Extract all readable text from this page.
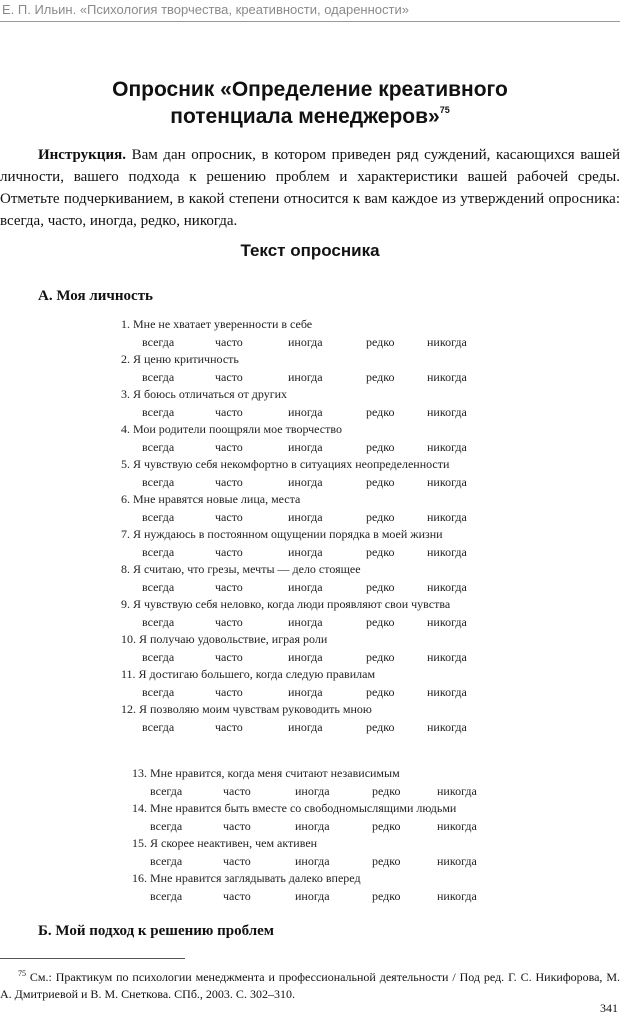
Е. П. Ильин. «Психология творчества, креативности, одаренности»
Опросник «Определение креативного
потенциала менеджеров»$^{75}$

Инструкция. Вам дан опросник, в котором приведен ряд суждений, касающихся вашей личности, вашего подхода к решению проблем и характеристики вашей рабочей среды. Отметьте подчеркиванием, в какой степени относится к вам каждое из утверждений опросника: всегда, часто, иногда, редко, никогда.

Текст опросника
А. Моя личность
1. Мне не хватает уверенности в себе
всегда	часто	иногда	редко	никогда
2. Я ценю критичность
всегда	часто	иногда	редко	никогда
3. Я боюсь отличаться от других
всегда	часто	иногда	редко	никогда
4. Мои родители поощряли мое творчество
всегда	часто	иногда	редко	никогда
5. Я чувствую себя некомфортно в ситуациях неопределенности
всегда	часто	иногда	редко	никогда
6. Мне нравятся новые лица, места
всегда	часто	иногда	редко	никогда
7. Я нуждаюсь в постоянном ощущении порядка в моей жизни
всегда	часто	иногда	редко	никогда
8. Я считаю, что грезы, мечты — дело стоящее
всегда	часто	иногда	редко	никогда
9. Я чувствую себя неловко, когда люди проявляют свои чувства
всегда	часто	иногда	редко	никогда
10. Я получаю удовольствие, играя роли
всегда	часто	иногда	редко	никогда
11. Я достигаю большего, когда следую правилам
всегда	часто	иногда	редко	никогда
12. Я позволяю моим чувствам руководить мною
всегда	часто	иногда	редко	никогда
13. Мне нравится, когда меня считают независимым
всегда	часто	иногда	редко	никогда
14. Мне нравится быть вместе со свободномыслящими людьми
всегда	часто	иногда	редко	никогда
15. Я скорее неактивен, чем активен
всегда	часто	иногда	редко	никогда
16. Мне нравится заглядывать далеко вперед
всегда	часто	иногда	редко	никогда
Б. Мой подход к решению проблем

$^{75}$ См.: Практикум по психологии менеджмента и профессиональной деятельности / Под ред. Г. С. Никифорова, М. А. Дмитриевой и В. М. Снеткова. СПб., 2003. С. 302–310.

341
